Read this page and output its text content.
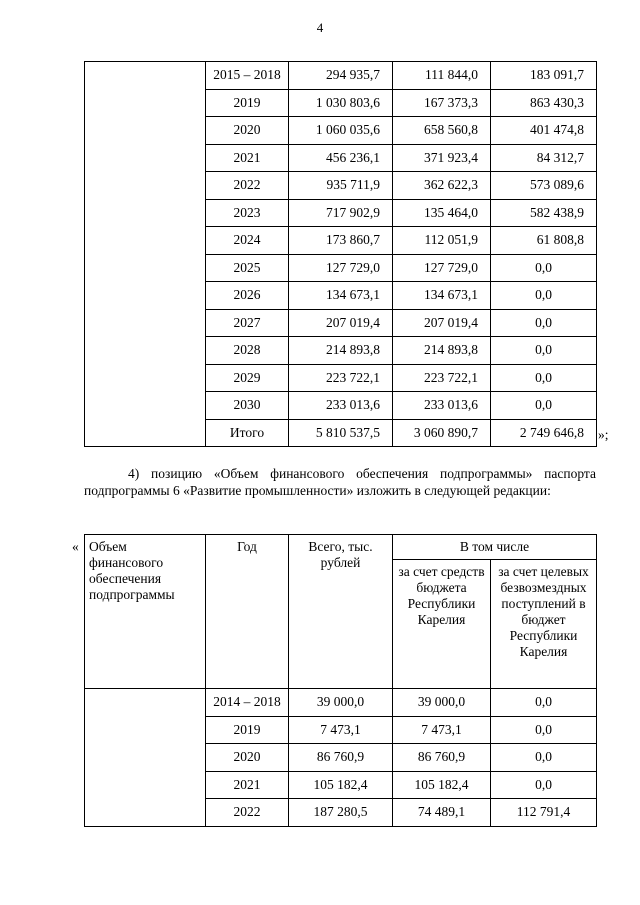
4
	2015 – 2018	294 935,7	111 844,0	183 091,7
	2019	1 030 803,6	167 373,3	863 430,3
	2020	1 060 035,6	658 560,8	401 474,8
	2021	456 236,1	371 923,4	84 312,7
	2022	935 711,9	362 622,3	573 089,6
	2023	717 902,9	135 464,0	582 438,9
	2024	173 860,7	112 051,9	61 808,8
	2025	127 729,0	127 729,0	0,0
	2026	134 673,1	134 673,1	0,0
	2027	207 019,4	207 019,4	0,0
	2028	214 893,8	214 893,8	0,0
	2029	223 722,1	223 722,1	0,0
	2030	233 013,6	233 013,6	0,0
	Итого	5 810 537,5	3 060 890,7	2 749 646,8 »;

4) позицию «Объем финансового обеспечения подпрограммы» паспорта подпрограммы 6 «Развитие промышленности» изложить в следующей редакции:

« Объем финансового обеспечения подпрограммы	Год	Всего, тыс. рублей	В том числе	
			за счет средств бюджета Республики Карелия	за счет целевых безвозмездных поступлений в бюджет Республики Карелия
	2014 – 2018	39 000,0	39 000,0	0,0
	2019	7 473,1	7 473,1	0,0
	2020	86 760,9	86 760,9	0,0
	2021	105 182,4	105 182,4	0,0
	2022	187 280,5	74 489,1	112 791,4
